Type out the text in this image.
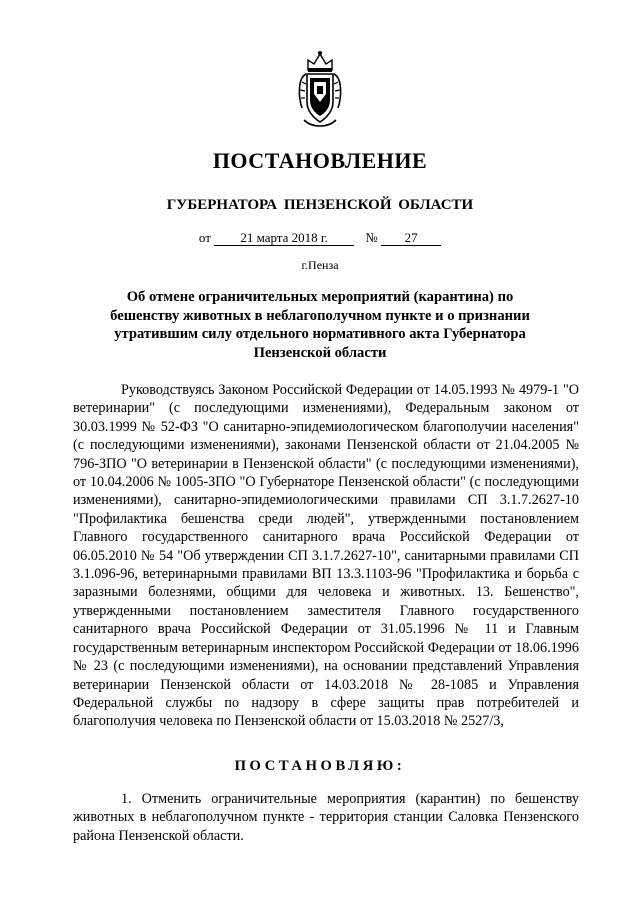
ПОСТАНОВЛЕНИЕ
ГУБЕРНАТОРА ПЕНЗЕНСКОЙ ОБЛАСТИ
от 21 марта 2018 г.	№ 27
г.Пенза
Об отмене ограничительных мероприятий (карантина) по бешенству животных в неблагополучном пункте и о признании утратившим силу отдельного нормативного акта Губернатора Пензенской области
Руководствуясь Законом Российской Федерации от 14.05.1993 № 4979-1 "О ветеринарии" (с последующими изменениями), Федеральным законом от 30.03.1999 № 52-ФЗ "О санитарно-эпидемиологическом благополучии населения" (с последующими изменениями), законами Пензенской области от 21.04.2005 № 796-ЗПО "О ветеринарии в Пензенской области" (с последующими изменениями), от 10.04.2006 № 1005-ЗПО "О Губернаторе Пензенской области" (с последующими изменениями), санитарно-эпидемиологическими правилами СП 3.1.7.2627-10 "Профилактика бешенства среди людей", утвержденными постановлением Главного государственного санитарного врача Российской Федерации от 06.05.2010 № 54 "Об утверждении СП 3.1.7.2627-10", санитарными правилами СП 3.1.096-96, ветеринарными правилами ВП 13.3.1103-96 "Профилактика и борьба с заразными болезнями, общими для человека и животных. 13. Бешенство", утвержденными постановлением заместителя Главного государственного санитарного врача Российской Федерации от 31.05.1996 № 11 и Главным государственным ветеринарным инспектором Российской Федерации от 18.06.1996 № 23 (с последующими изменениями), на основании представлений Управления ветеринарии Пензенской области от 14.03.2018 № 28-1085 и Управления Федеральной службы по надзору в сфере защиты прав потребителей и благополучия человека по Пензенской области от 15.03.2018 № 2527/3,
ПОСТАНОВЛЯЮ:
1. Отменить ограничительные мероприятия (карантин) по бешенству животных в неблагополучном пункте - территория станции Саловка Пензенского района Пензенской области.
